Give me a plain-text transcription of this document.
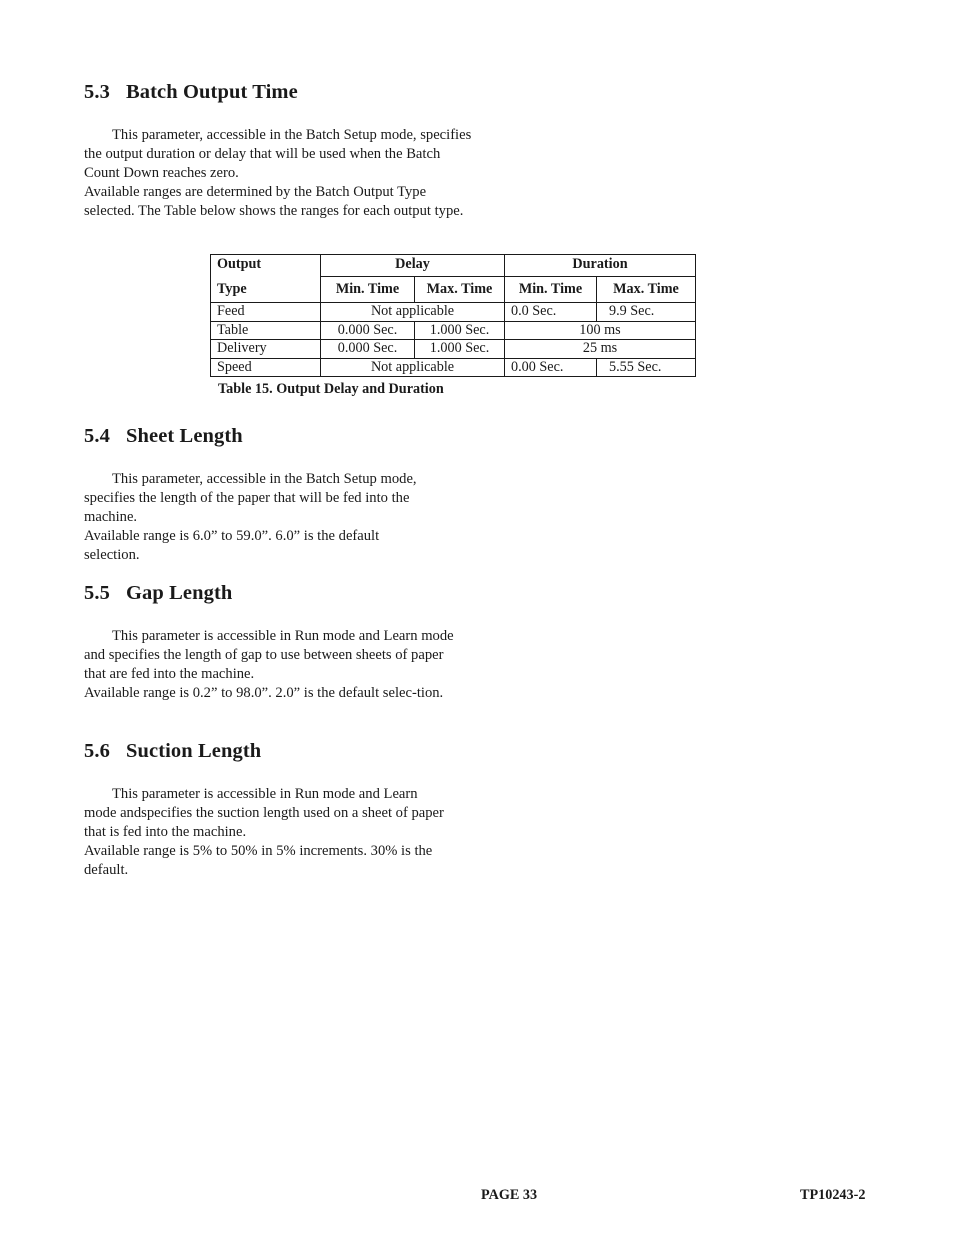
5.3 Batch Output Time

This parameter, accessible in the Batch Setup mode, specifies the output duration or delay that will be used when the Batch Count Down reaches zero.

Available ranges are determined by the Batch Output Type selected. The Table below shows the ranges for each output type.

Output	Delay		Duration	
Type	Min. Time	Max. Time	Min. Time	Max. Time
Feed	Not applicable		0.0 Sec.	9.9 Sec.
Table	0.000 Sec.	1.000 Sec.	100 ms	
Delivery	0.000 Sec.	1.000 Sec.	25 ms	
Speed	Not applicable		0.00 Sec.	5.55 Sec.
Table 15. Output Delay and Duration
5.4 Sheet Length

This parameter, accessible in the Batch Setup mode, specifies the length of the paper that will be fed into the machine.

Available range is 6.0” to 59.0”. 6.0” is the default selection.

5.5 Gap Length

This parameter is accessible in Run mode and Learn mode and specifies the length of gap to use between sheets of paper that are fed into the machine.

Available range is 0.2” to 98.0”. 2.0” is the default selec-tion.

5.6 Suction Length

This parameter is accessible in Run mode and Learn mode andspecifies the suction length used on a sheet of paper that is fed into the machine.

Available range is 5% to 50% in 5% increments. 30% is the default.

PAGE 33	TP10243-2
